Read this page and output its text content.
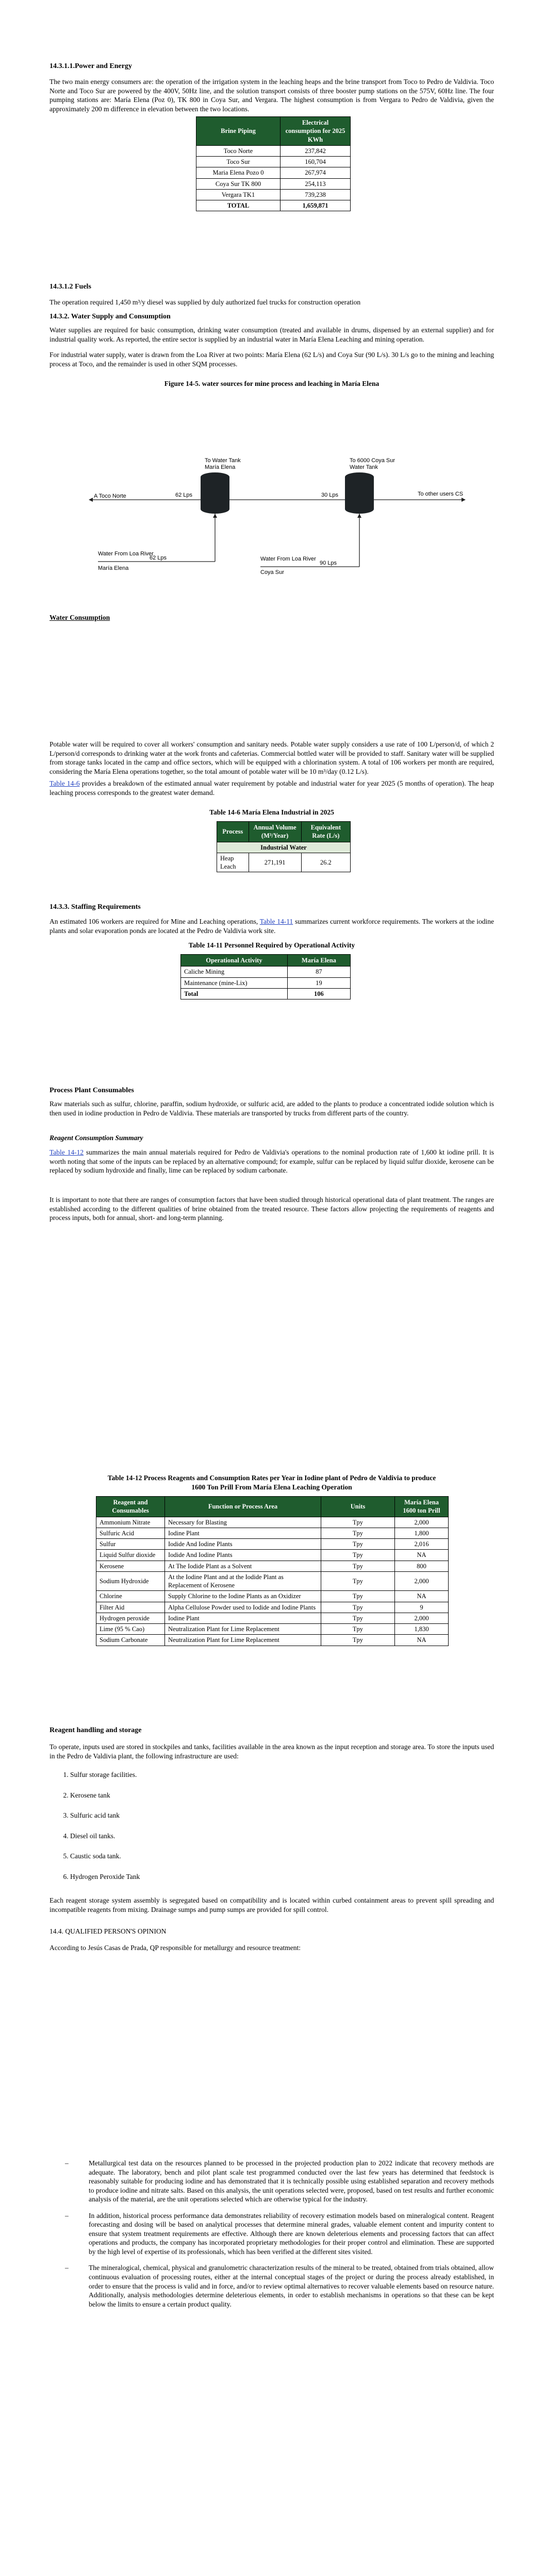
14.3.1.1.Power and Energy

The two main energy consumers are: the operation of the irrigation system in the leaching heaps and the brine transport from Toco to Pedro de Valdivia. Toco Norte and Toco Sur are powered by the 400V, 50Hz line, and the solution transport consists of three booster pump stations on the 575V, 60Hz line. The four pumping stations are: María Elena (Poz 0), TK 800 in Coya Sur, and Vergara. The highest consumption is from Vergara to Pedro de Valdivia, given the approximately 200 m difference in elevation between the two locations.

Brine Piping	Electrical consumption for 2025 KWh
Toco Norte	237,842
Toco Sur	160,704
Maria Elena Pozo 0	267,974
Coya Sur TK 800	254,113
Vergara TK1	739,238
TOTAL	1,659,871
14.3.1.2 Fuels

The operation required 1,450 m³/y diesel was supplied by duly authorized fuel trucks for construction operation

14.3.2. Water Supply and Consumption

Water supplies are required for basic consumption, drinking water consumption (treated and available in drums, dispensed by an external supplier) and for industrial quality work. As reported, the entire sector is supplied by an industrial water in María Elena Leaching and mining operation.

For industrial water supply, water is drawn from the Loa River at two points: María Elena (62 L/s) and Coya Sur (90 L/s). 30 L/s go to the mining and leaching process at Toco, and the remainder is used in other SQM processes.

Figure 14-5. water sources for mine process and leaching in María Elena
A Toco Norte
To Water Tank
María Elena
To 6000 Coya Sur
Water Tank
62 Lps	30 Lps	To other users CS
Water From Loa River
María Elena
62 Lps	Water From Loa River
Coya Sur
90 Lps
Water Consumption

Potable water will be required to cover all workers' consumption and sanitary needs. Potable water supply considers a use rate of 100 L/person/d, of which 2 L/person/d corresponds to drinking water at the work fronts and cafeterias. Commercial bottled water will be provided to staff. Sanitary water will be supplied from storage tanks located in the camp and office sectors, which will be equipped with a chlorination system. A total of 106 workers per month are required, considering the María Elena operations together, so the total amount of potable water will be 10 m³/day (0.12 L/s).

Table 14-6 provides a breakdown of the estimated annual water requirement by potable and industrial water for year 2025 (5 months of operation). The heap leaching process corresponds to the greatest water demand.

Table 14-6 María Elena Industrial in 2025
Process	Annual Volume (M³/Year)	Equivalent Rate (L/s)
Industrial Water		
Heap Leach	271,191	26.2
14.3.3. Staffing Requirements

An estimated 106 workers are required for Mine and Leaching operations, Table 14-11 summarizes current workforce requirements. The workers at the iodine plants and solar evaporation ponds are located at the Pedro de Valdivia work site.

Table 14-11 Personnel Required by Operational Activity
Operational Activity	María Elena
Caliche Mining	87
Maintenance (mine-Lix)	19
Total	106
Process Plant Consumables

Raw materials such as sulfur, chlorine, paraffin, sodium hydroxide, or sulfuric acid, are added to the plants to produce a concentrated iodide solution which is then used in iodine production in Pedro de Valdivia. These materials are transported by trucks from different parts of the country.

Reagent Consumption Summary

Table 14-12 summarizes the main annual materials required for Pedro de Valdivia's operations to the nominal production rate of 1,600 kt iodine prill. It is worth noting that some of the inputs can be replaced by an alternative compound; for example, sulfur can be replaced by liquid sulfur dioxide, kerosene can be replaced by sodium hydroxide and finally, lime can be replaced by sodium carbonate.

It is important to note that there are ranges of consumption factors that have been studied through historical operational data of plant treatment. The ranges are established according to the different qualities of brine obtained from the treated resource. These factors allow projecting the requirements of reagents and process inputs, both for annual, short- and long-term planning.

Table 14-12 Process Reagents and Consumption Rates per Year in Iodine plant of Pedro de Valdivia to produce
1600 Ton Prill From María Elena Leaching Operation
Reagent and Consumables	Function or Process Area	Units	María Elena 1600 ton Prill
Ammonium Nitrate	Necessary for Blasting	Tpy	2,000
Sulfuric Acid	Iodine Plant	Tpy	1,800
Sulfur	Iodide And Iodine Plants	Tpy	2,016
Liquid Sulfur dioxide	Iodide And Iodine Plants	Tpy	NA
Kerosene	At The Iodide Plant as a Solvent	Tpy	800
Sodium Hydroxide	At the Iodine Plant and at the Iodide Plant as Replacement of Kerosene	Tpy	2,000
Chlorine	Supply Chlorine to the Iodine Plants as an Oxidizer	Tpy	NA
Filter Aid	Alpha Cellulose Powder used to Iodide and Iodine Plants	Tpy	9
Hydrogen peroxide	Iodine Plant	Tpy	2,000
Lime (95 % Cao)	Neutralization Plant for Lime Replacement	Tpy	1,830
Sodium Carbonate	Neutralization Plant for Lime Replacement	Tpy	NA
Reagent handling and storage

To operate, inputs used are stored in stockpiles and tanks, facilities available in the area known as the input reception and storage area. To store the inputs used in the Pedro de Valdivia plant, the following infrastructure are used:

1. Sulfur storage facilities.
2. Kerosene tank
3. Sulfuric acid tank
4. Diesel oil tanks.
5. Caustic soda tank.
6. Hydrogen Peroxide Tank

Each reagent storage system assembly is segregated based on compatibility and is located within curbed containment areas to prevent spill spreading and incompatible reagents from mixing. Drainage sumps and pump sumps are provided for spill control.

14.4. QUALIFIED PERSON'S OPINION

According to Jesús Casas de Prada, QP responsible for metallurgy and resource treatment:

–	Metallurgical test data on the resources planned to be processed in the projected production plan to 2022 indicate that recovery methods are adequate. The laboratory, bench and pilot plant scale test programmed conducted over the last few years has determined that feedstock is reasonably suitable for producing iodine and has demonstrated that it is technically possible using established separation and recovery methods to produce iodine and nitrate salts. Based on this analysis, the unit operations selected were, proposed, based on test results and further economic analysis of the material, are the unit operations selected which are otherwise typical for the industry.
–	In addition, historical process performance data demonstrates reliability of recovery estimation models based on mineralogical content. Reagent forecasting and dosing will be based on analytical processes that determine mineral grades, valuable element content and impurity content to ensure that system treatment requirements are effective. Although there are known deleterious elements and processing factors that can affect operations and products, the company has incorporated proprietary methodologies for their proper control and elimination. These are supported by the high level of expertise of its professionals, which has been verified at the different sites visited.
–	The mineralogical, chemical, physical and granulometric characterization results of the mineral to be treated, obtained from trials obtained, allow continuous evaluation of processing routes, either at the internal conceptual stages of the project or during the process already established, in order to ensure that the process is valid and in force, and/or to review optimal alternatives to recover valuable elements based on resource nature. Additionally, analysis methodologies determine deleterious elements, in order to establish mechanisms in operations so that these can be kept below the limits to ensure a certain product quality.
